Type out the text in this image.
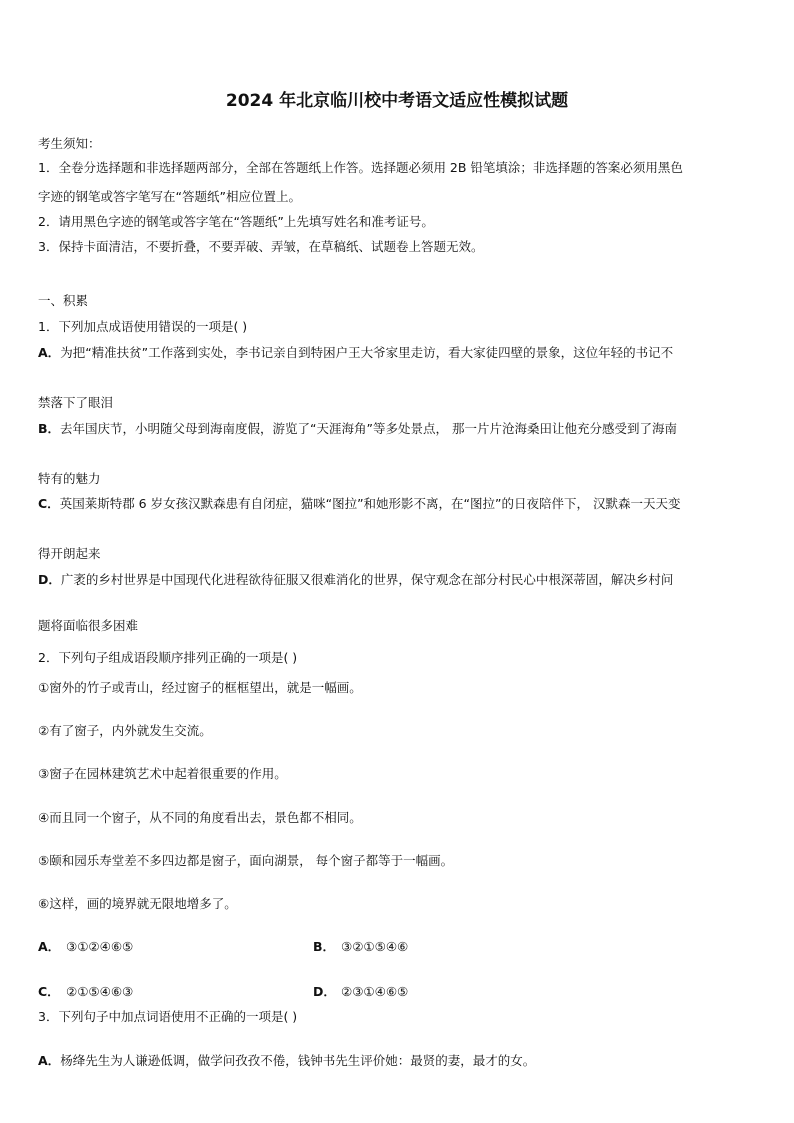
2024 年北京临川校中考语文适应性模拟试题
考生须知：
1．全卷分选择题和非选择题两部分，全部在答题纸上作答。选择题必须用 2B 铅笔填涂；非选择题的答案必须用黑色
字迹的钢笔或答字笔写在“答题纸”相应位置上。
2．请用黑色字迹的钢笔或答字笔在“答题纸”上先填写姓名和准考证号。
3．保持卡面清洁，不要折叠，不要弄破、弄皱，在草稿纸、试题卷上答题无效。
一、积累
1．下列加点成语使用错误的一项是( )
A．为把“精准扶贫”工作落到实处，李书记亲自到特困户王大爷家里走访，看大家徒四壁的景象，这位年轻的书记不
禁落下了眼泪
B．去年国庆节，小明随父母到海南度假，游览了“天涯海角”等多处景点， 那一片片沧海桑田让他充分感受到了海南
特有的魅力
C．英国莱斯特郡 6 岁女孩汉默森患有自闭症，猫咪“图拉”和她形影不离，在“图拉”的日夜陪伴下， 汉默森一天天变
得开朗起来
D．广袤的乡村世界是中国现代化进程欲待征服又很难消化的世界，保守观念在部分村民心中根深蒂固，解决乡村问
题将面临很多困难
2．下列句子组成语段顺序排列正确的一项是( )
①窗外的竹子或青山，经过窗子的框框望出，就是一幅画。
②有了窗子，内外就发生交流。
③窗子在园林建筑艺术中起着很重要的作用。
④而且同一个窗子，从不同的角度看出去，景色都不相同。
⑤颐和园乐寿堂差不多四边都是窗子，面向湖景， 每个窗子都等于一幅画。
⑥这样，画的境界就无限地增多了。
A． ③①②④⑥⑤	B． ③②①⑤④⑥
C． ②①⑤④⑥③	D． ②③①④⑥⑤
3．下列句子中加点词语使用不正确的一项是( )
A．杨绛先生为人谦逊低调，做学问孜孜不倦，钱钟书先生评价她：最贤的妻，最才的女。
